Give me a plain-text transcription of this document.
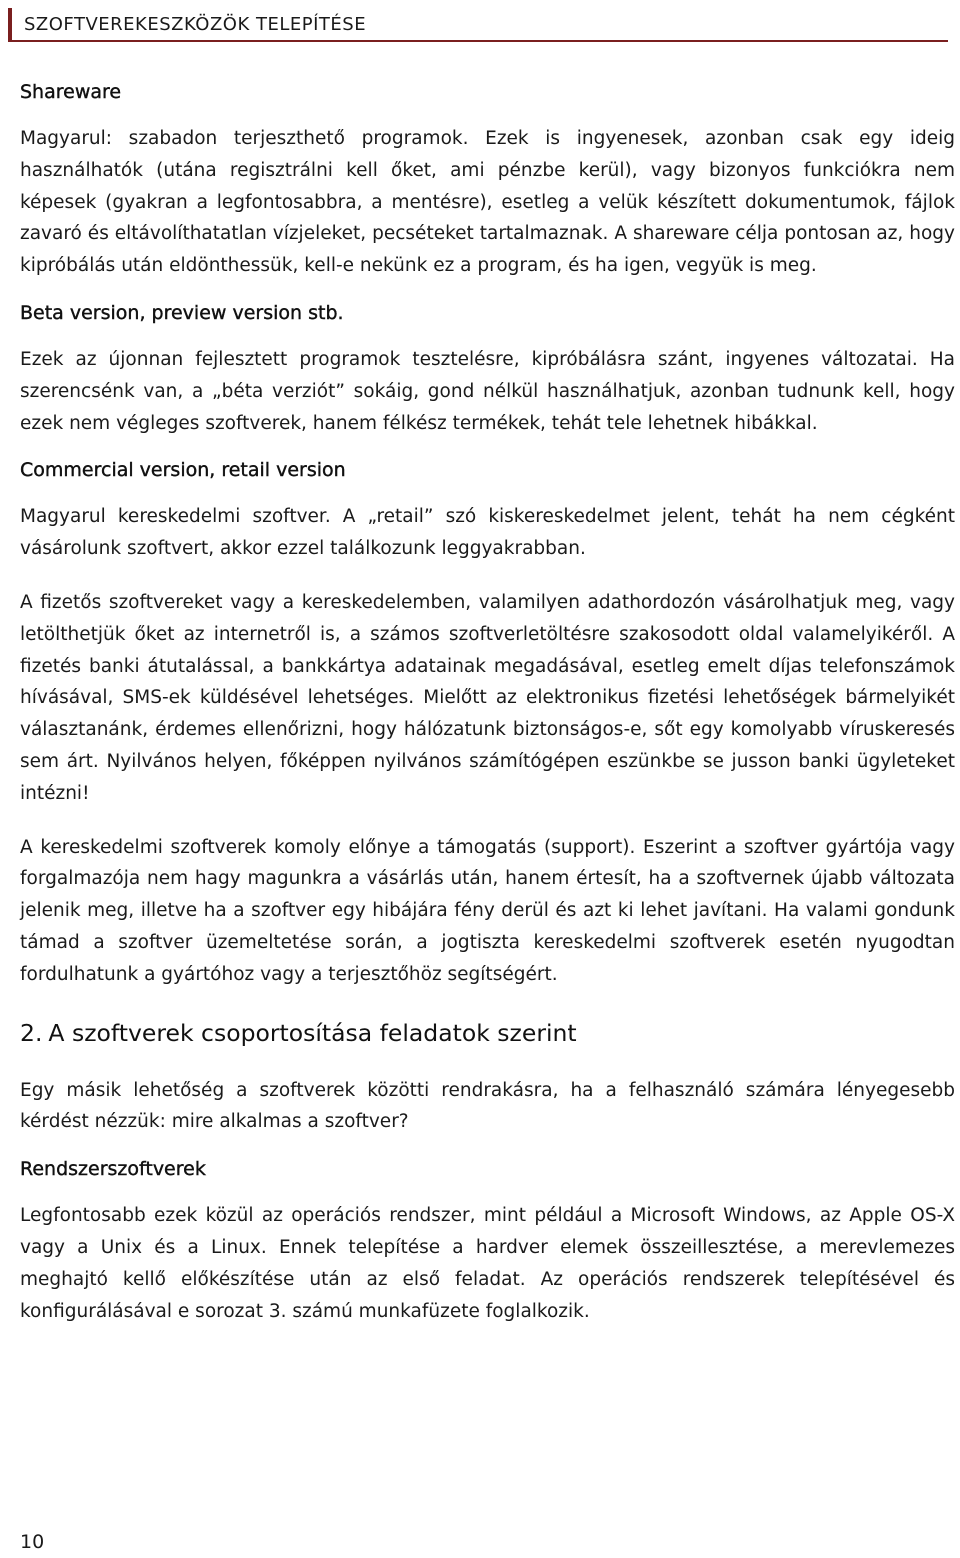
SZOFTVEREKESZKÖZÖK TELEPÍTÉSE
Shareware

Magyarul: szabadon terjeszthető programok. Ezek is ingyenesek, azonban csak egy ideig használhatók (utána regisztrálni kell őket, ami pénzbe kerül), vagy bizonyos funkciókra nem képesek (gyakran a legfontosabbra, a mentésre), esetleg a velük készített dokumentumok, fájlok zavaró és eltávolíthatatlan vízjeleket, pecséteket tartalmaznak. A shareware célja pontosan az, hogy kipróbálás után eldönthessük, kell-e nekünk ez a program, és ha igen, vegyük is meg.

Beta version, preview version stb.

Ezek az újonnan fejlesztett programok tesztelésre, kipróbálásra szánt, ingyenes változatai. Ha szerencsénk van, a „béta verziót” sokáig, gond nélkül használhatjuk, azonban tudnunk kell, hogy ezek nem végleges szoftverek, hanem félkész termékek, tehát tele lehetnek hibákkal.

Commercial version, retail version

Magyarul kereskedelmi szoftver. A „retail” szó kiskereskedelmet jelent, tehát ha nem cégként vásárolunk szoftvert, akkor ezzel találkozunk leggyakrabban.

A fizetős szoftvereket vagy a kereskedelemben, valamilyen adathordozón vásárolhatjuk meg, vagy letölthetjük őket az internetről is, a számos szoftverletöltésre szakosodott oldal valamelyikéről. A fizetés banki átutalással, a bankkártya adatainak megadásával, esetleg emelt díjas telefonszámok hívásával, SMS-ek küldésével lehetséges. Mielőtt az elektronikus fizetési lehetőségek bármelyikét választanánk, érdemes ellenőrizni, hogy hálózatunk biztonságos-e, sőt egy komolyabb víruskeresés sem árt. Nyilvános helyen, főképpen nyilvános számítógépen eszünkbe se jusson banki ügyleteket intézni!

A kereskedelmi szoftverek komoly előnye a támogatás (support). Eszerint a szoftver gyártója vagy forgalmazója nem hagy magunkra a vásárlás után, hanem értesít, ha a szoftvernek újabb változata jelenik meg, illetve ha a szoftver egy hibájára fény derül és azt ki lehet javítani. Ha valami gondunk támad a szoftver üzemeltetése során, a jogtiszta kereskedelmi szoftverek esetén nyugodtan fordulhatunk a gyártóhoz vagy a terjesztőhöz segítségért.

2. A szoftverek csoportosítása feladatok szerint

Egy másik lehetőség a szoftverek közötti rendrakásra, ha a felhasználó számára lényegesebb kérdést nézzük: mire alkalmas a szoftver?

Rendszerszoftverek

Legfontosabb ezek közül az operációs rendszer, mint például a Microsoft Windows, az Apple OS-X vagy a Unix és a Linux. Ennek telepítése a hardver elemek összeillesztése, a merevlemezes meghajtó kellő előkészítése után az első feladat. Az operációs rendszerek telepítésével és konfigurálásával e sorozat 3. számú munkafüzete foglalkozik.

10
